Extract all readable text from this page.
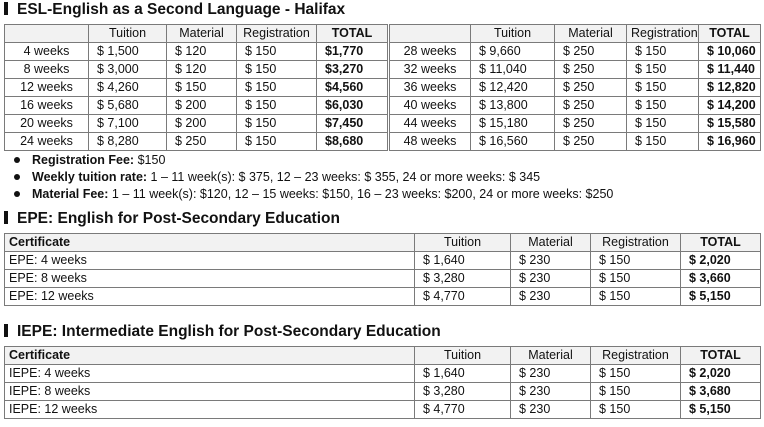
ESL-English as a Second Language - Halifax
	Tuition	Material	Registration	TOTAL		Tuition	Material	Registration	TOTAL
4 weeks	$ 1,500	$ 120	$ 150	$1,770	28 weeks	$ 9,660	$ 250	$ 150	$ 10,060
8 weeks	$ 3,000	$ 120	$ 150	$3,270	32 weeks	$ 11,040	$ 250	$ 150	$ 11,440
12 weeks	$ 4,260	$ 150	$ 150	$4,560	36 weeks	$ 12,420	$ 250	$ 150	$ 12,820
16 weeks	$ 5,680	$ 200	$ 150	$6,030	40 weeks	$ 13,800	$ 250	$ 150	$ 14,200
20 weeks	$ 7,100	$ 200	$ 150	$7,450	44 weeks	$ 15,180	$ 250	$ 150	$ 15,580
24 weeks	$ 8,280	$ 250	$ 150	$8,680	48 weeks	$ 16,560	$ 250	$ 150	$ 16,960
Registration Fee: $150
Weekly tuition rate: 1 – 11 week(s): $ 375, 12 – 23 weeks: $ 355, 24 or more weeks: $ 345
Material Fee: 1 – 11 week(s): $120, 12 – 15 weeks: $150, 16 – 23 weeks: $200, 24 or more weeks: $250
EPE: English for Post-Secondary Education
Certificate	Tuition	Material	Registration	TOTAL
EPE: 4 weeks	$ 1,640	$ 230	$ 150	$ 2,020
EPE: 8 weeks	$ 3,280	$ 230	$ 150	$ 3,660
EPE: 12 weeks	$ 4,770	$ 230	$ 150	$ 5,150
IEPE: Intermediate English for Post-Secondary Education
Certificate	Tuition	Material	Registration	TOTAL
IEPE: 4 weeks	$ 1,640	$ 230	$ 150	$ 2,020
IEPE: 8 weeks	$ 3,280	$ 230	$ 150	$ 3,680
IEPE: 12 weeks	$ 4,770	$ 230	$ 150	$ 5,150
